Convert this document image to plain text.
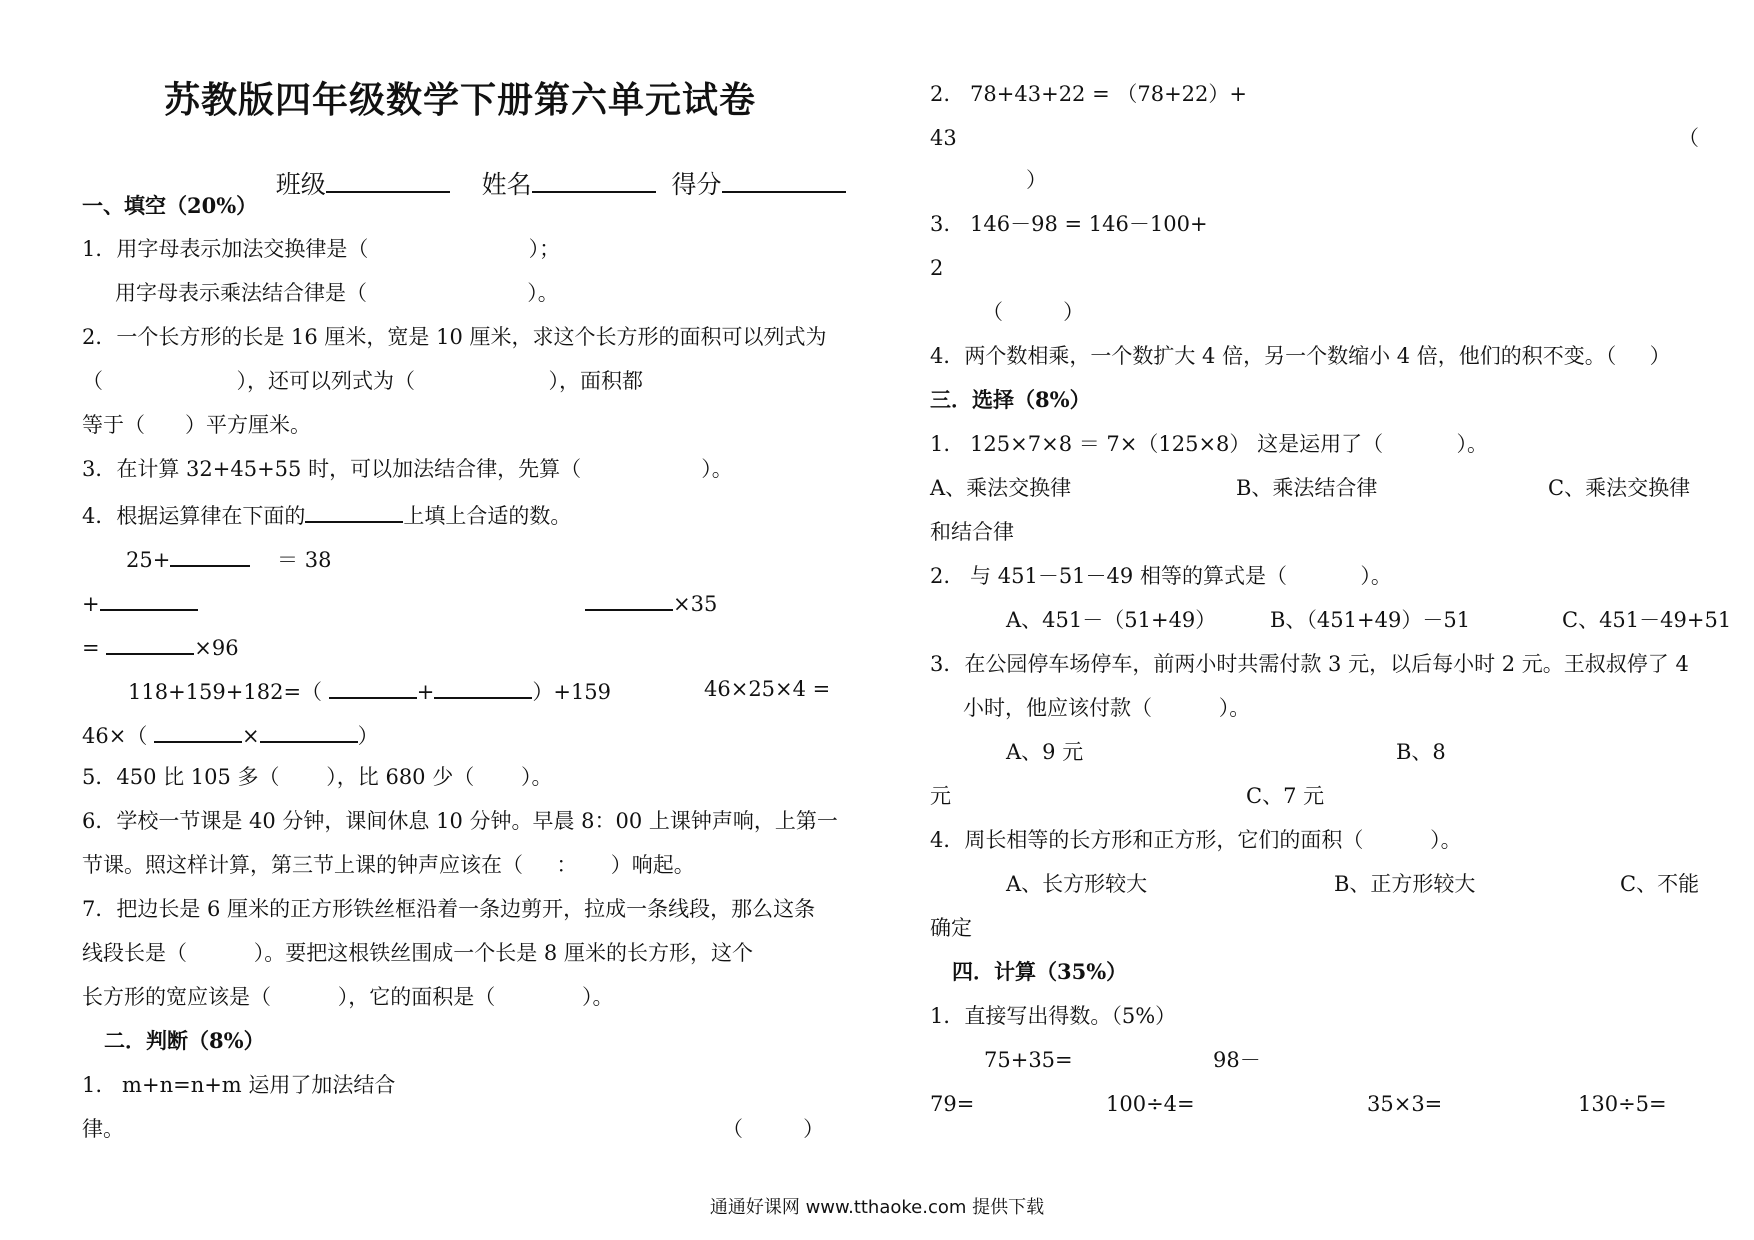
苏教版四年级数学下册第六单元试卷

班级	姓名	得分

一、填空（20%）
1．用字母表示加法交换律是（                        ）；
用字母表示乘法结合律是（                        ）。
2．一个长方形的长是 16 厘米，宽是 10 厘米，求这个长方形的面积可以列式为
（                    ），还可以列式为（                    ），面积都
等于（      ）平方厘米。
3．在计算 32+45+55 时，可以加法结合律，先算（                  ）。
4．根据运算律在下面的	上填上合适的数。
25+	＝ 38
+	×35
=	×96
118+159+182=（	+	）+159	46×25×4 =
46×（	×	）
5．450 比 105 多（       ），比 680 少（       ）。
6．学校一节课是 40 分钟，课间休息 10 分钟。早晨 8：00 上课钟声响，上第一
节课。照这样计算，第三节上课的钟声应该在（     ：     ）响起。
7．把边长是 6 厘米的正方形铁丝框沿着一条边剪开，拉成一条线段，那么这条
线段长是（          ）。要把这根铁丝围成一个长是 8 厘米的长方形，这个
长方形的宽应该是（          ），它的面积是（             ）。
二．判断（8%）
1.   m+n=n+m 运用了加法结合
律。	（         ）
2.   78+43+22 = （78+22）+
43	（
）
3.   146－98 = 146－100+
2
（         ）
4．两个数相乘，一个数扩大 4 倍，另一个数缩小 4 倍，他们的积不变。（     ）
三．选择（8%）
1.   125×7×8 ＝ 7×（125×8） 这是运用了（           ）。
A、乘法交换律	B、乘法结合律	C、乘法交换律
和结合律
2.   与 451－51－49 相等的算式是（           ）。
A、451－（51+49）	B、（451+49）－51	C、451－49+51
3．在公园停车场停车，前两小时共需付款 3 元，以后每小时 2 元。王叔叔停了 4
小时，他应该付款（          ）。
A、9 元	B、8
元	C、7 元
4．周长相等的长方形和正方形，它们的面积（          ）。
A、长方形较大	B、正方形较大	C、不能
确定
四．计算（35%）
1．直接写出得数。（5%）
75+35=	98－
79=	100÷4=	35×3=	130÷5=
通通好课网 www.tthaoke.com 提供下载
